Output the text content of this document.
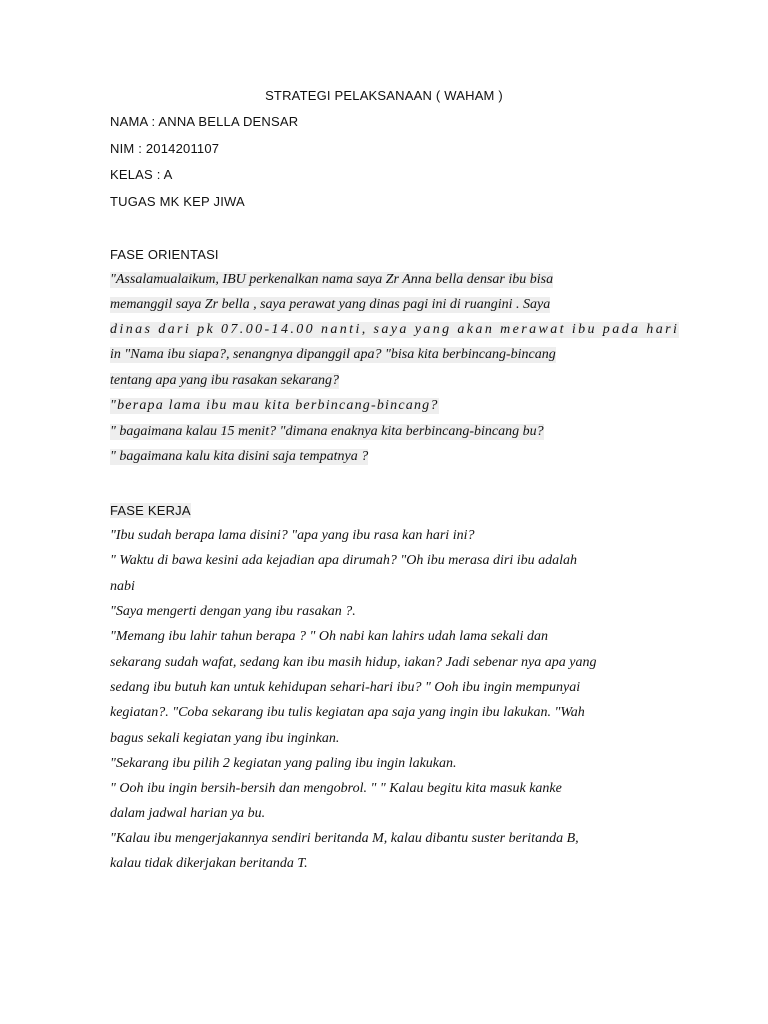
STRATEGI PELAKSANAAN ( WAHAM )
NAMA : ANNA BELLA DENSAR
NIM : 2014201107
KELAS : A
TUGAS MK KEP JIWA
FASE ORIENTASI
"Assalamualaikum, IBU perkenalkan nama saya Zr Anna bella densar ibu bisa
memanggil saya Zr bella , saya perawat yang dinas pagi ini di ruangini . Saya
dinas dari pk 07.00-14.00 nanti, saya yang akan merawat ibu pada hari
in "Nama ibu siapa?, senangnya dipanggil apa? "bisa kita berbincang-bincang
tentang apa yang ibu rasakan sekarang?
"berapa lama ibu mau kita berbincang-bincang?
" bagaimana kalau 15 menit? "dimana enaknya kita berbincang-bincang bu?
" bagaimana kalu kita disini saja tempatnya ?
FASE KERJA
"Ibu sudah berapa lama disini? "apa yang ibu rasa kan hari ini?
" Waktu di bawa kesini ada kejadian apa dirumah? "Oh ibu merasa diri ibu adalah
nabi
"Saya mengerti dengan yang ibu rasakan ?.
"Memang ibu lahir tahun berapa ? " Oh nabi kan lahirs udah lama sekali dan
sekarang sudah wafat, sedang kan ibu masih hidup, iakan? Jadi sebenar nya apa yang
sedang ibu butuh kan untuk kehidupan sehari-hari ibu? " Ooh ibu ingin mempunyai
kegiatan?. "Coba sekarang ibu tulis kegiatan apa saja yang ingin ibu lakukan. "Wah
bagus sekali kegiatan yang ibu inginkan.
"Sekarang ibu pilih 2 kegiatan yang paling ibu ingin lakukan.
" Ooh ibu ingin bersih-bersih dan mengobrol. " " Kalau begitu kita masuk kanke
dalam jadwal harian ya bu.
"Kalau ibu mengerjakannya sendiri beritanda M, kalau dibantu suster beritanda B,
kalau tidak dikerjakan beritanda T.
